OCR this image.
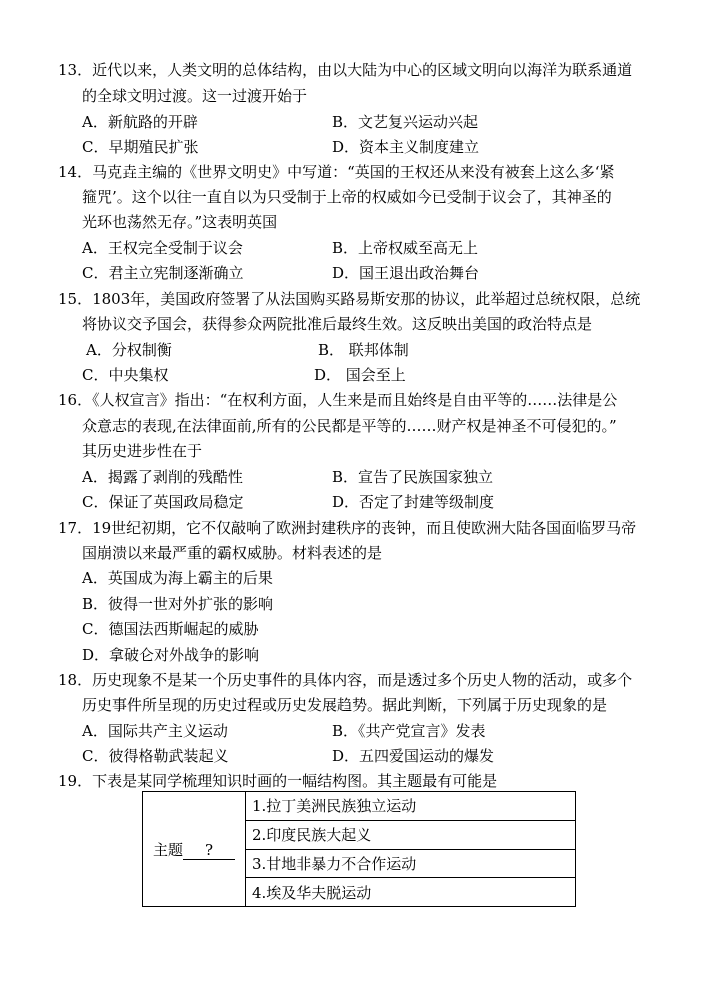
13．近代以来，人类文明的总体结构，由以大陆为中心的区域文明向以海洋为联系通道
的全球文明过渡。这一过渡开始于
A．新航路的开辟	B．文艺复兴运动兴起
C．早期殖民扩张	D．资本主义制度建立
14．马克垚主编的《世界文明史》中写道：“英国的王权还从来没有被套上这么多‘紧
箍咒’。这个以往一直自以为只受制于上帝的权威如今已受制于议会了，其神圣的
光环也荡然无存。”这表明英国
A．王权完全受制于议会	B．上帝权威至高无上
C．君主立宪制逐渐确立	D．国王退出政治舞台
15．1803年，美国政府签署了从法国购买路易斯安那的协议，此举超过总统权限，总统
将协议交予国会，获得参众两院批准后最终生效。这反映出美国的政治特点是
A．分权制衡	B． 联邦体制
C．中央集权	D． 国会至上
16．《人权宣言》指出：“在权利方面，人生来是而且始终是自由平等的……法律是公
众意志的表现,在法律面前,所有的公民都是平等的……财产权是神圣不可侵犯的。”
其历史进步性在于
A．揭露了剥削的残酷性	B．宣告了民族国家独立
C．保证了英国政局稳定	D．否定了封建等级制度
17．19世纪初期，它不仅敲响了欧洲封建秩序的丧钟，而且使欧洲大陆各国面临罗马帝
国崩溃以来最严重的霸权威胁。材料表述的是
A．英国成为海上霸主的后果
B．彼得一世对外扩张的影响
C．德国法西斯崛起的威胁
D．拿破仑对外战争的影响
18．历史现象不是某一个历史事件的具体内容，而是透过多个历史人物的活动，或多个
历史事件所呈现的历史过程或历史发展趋势。据此判断，下列属于历史现象的是
A．国际共产主义运动	B．《共产党宣言》发表
C．彼得格勒武装起义	D．五四爱国运动的爆发
19．下表是某同学梳理知识时画的一幅结构图。其主题最有可能是
主题 ?	1.拉丁美洲民族独立运动
2.印度民族大起义
3.甘地非暴力不合作运动
4.埃及华夫脱运动
